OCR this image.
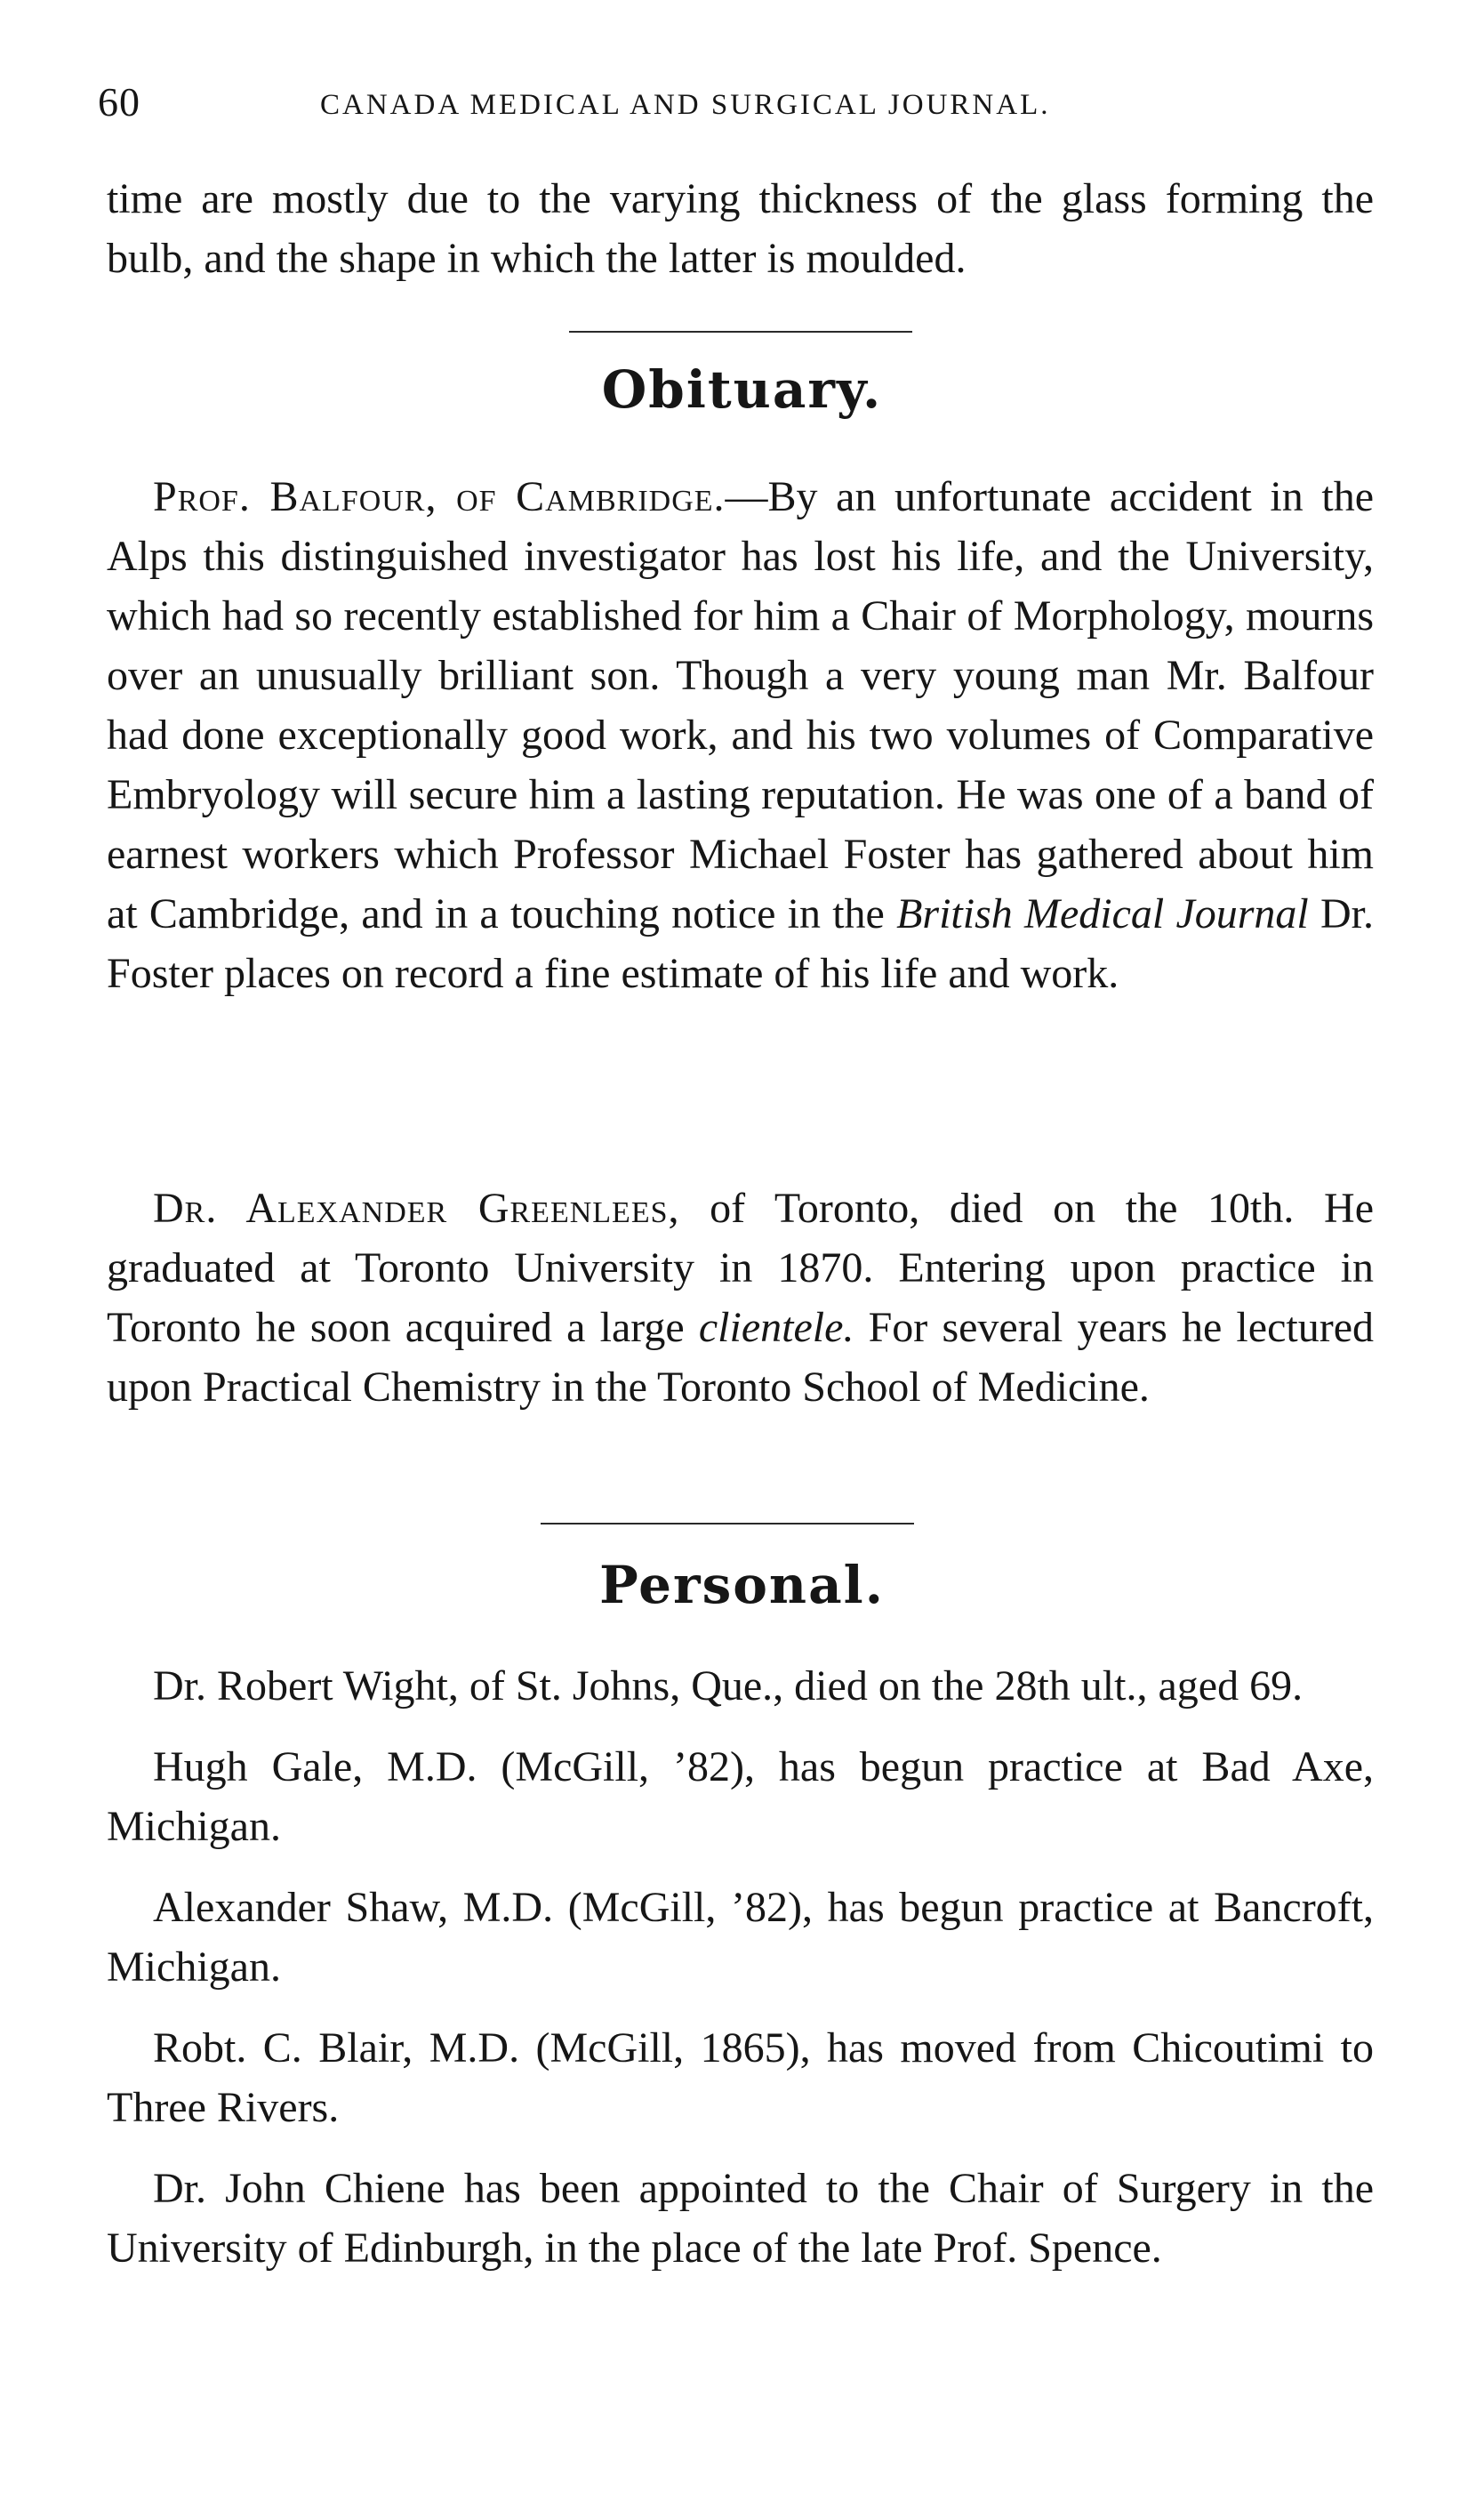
60	CANADA MEDICAL AND SURGICAL JOURNAL.

time are mostly due to the varying thickness of the glass forming the bulb, and the shape in which the latter is moulded.

Obituary.

Prof. Balfour, of Cambridge.—By an unfortunate accident in the Alps this distinguished investigator has lost his life, and the University, which had so recently established for him a Chair of Morphology, mourns over an unusually brilliant son. Though a very young man Mr. Balfour had done exceptionally good work, and his two volumes of Comparative Embryology will secure him a lasting reputation. He was one of a band of earnest workers which Professor Michael Foster has gathered about him at Cambridge, and in a touching notice in the British Medical Journal Dr. Foster places on record a fine estimate of his life and work.

Dr. Alexander Greenlees, of Toronto, died on the 10th. He graduated at Toronto University in 1870. Entering upon practice in Toronto he soon acquired a large clientele. For several years he lectured upon Practical Chemistry in the Toronto School of Medicine.

Personal.

Dr. Robert Wight, of St. Johns, Que., died on the 28th ult., aged 69.

Hugh Gale, M.D. (McGill, ’82), has begun practice at Bad Axe, Michigan.

Alexander Shaw, M.D. (McGill, ’82), has begun practice at Bancroft, Michigan.

Robt. C. Blair, M.D. (McGill, 1865), has moved from Chicoutimi to Three Rivers.

Dr. John Chiene has been appointed to the Chair of Surgery in the University of Edinburgh, in the place of the late Prof. Spence.
